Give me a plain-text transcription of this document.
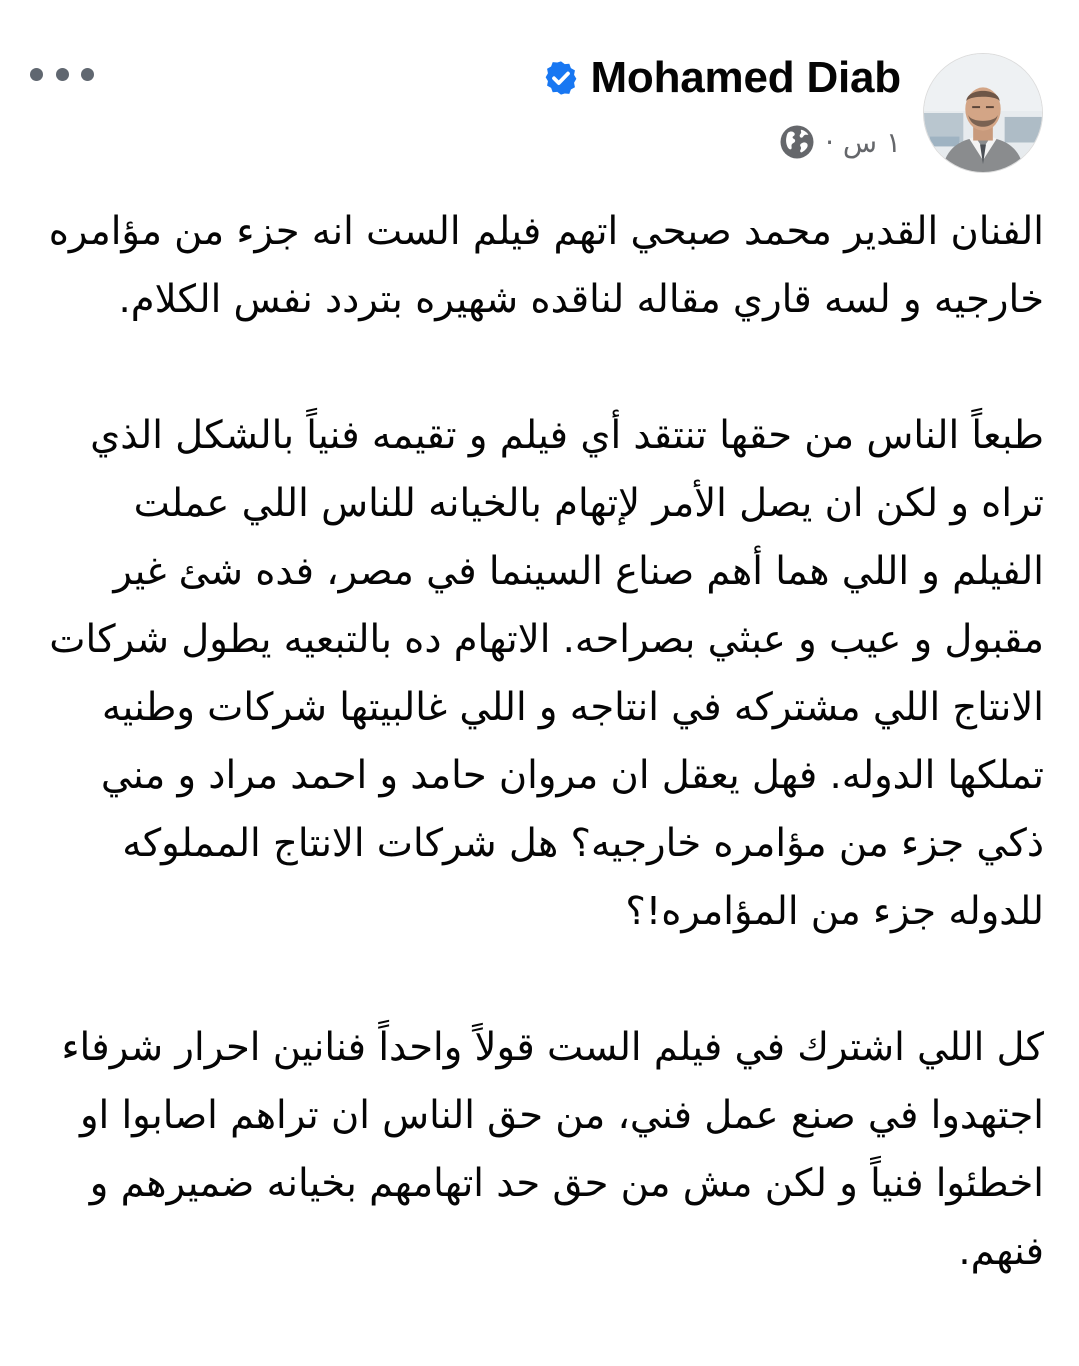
Mohamed Diab
١ س ·

الفنان القدير محمد صبحي اتهم فيلم الست انه جزء من مؤامره خارجيه و لسه قاري مقاله لناقده شهيره بتردد نفس الكلام.

طبعاً الناس من حقها تنتقد أي فيلم و تقيمه فنياً بالشكل الذي تراه و لكن ان يصل الأمر لإتهام بالخيانه للناس اللي عملت الفيلم و اللي هما أهم صناع السينما في مصر، فده شئ غير مقبول و عيب و عبثي بصراحه. الاتهام ده بالتبعيه يطول شركات الانتاج اللي مشتركه في انتاجه و اللي غالبيتها شركات وطنيه تملكها الدوله. فهل يعقل ان مروان حامد و احمد مراد و مني ذكي جزء من مؤامره خارجيه؟ هل شركات الانتاج المملوكه للدوله جزء من المؤامره!؟

كل اللي اشترك في فيلم الست قولاً واحداً فنانين احرار شرفاء اجتهدوا في صنع عمل فني، من حق الناس ان تراهم اصابوا او اخطئوا فنياً و لكن مش من حق حد اتهامهم بخيانه ضميرهم و فنهم.
